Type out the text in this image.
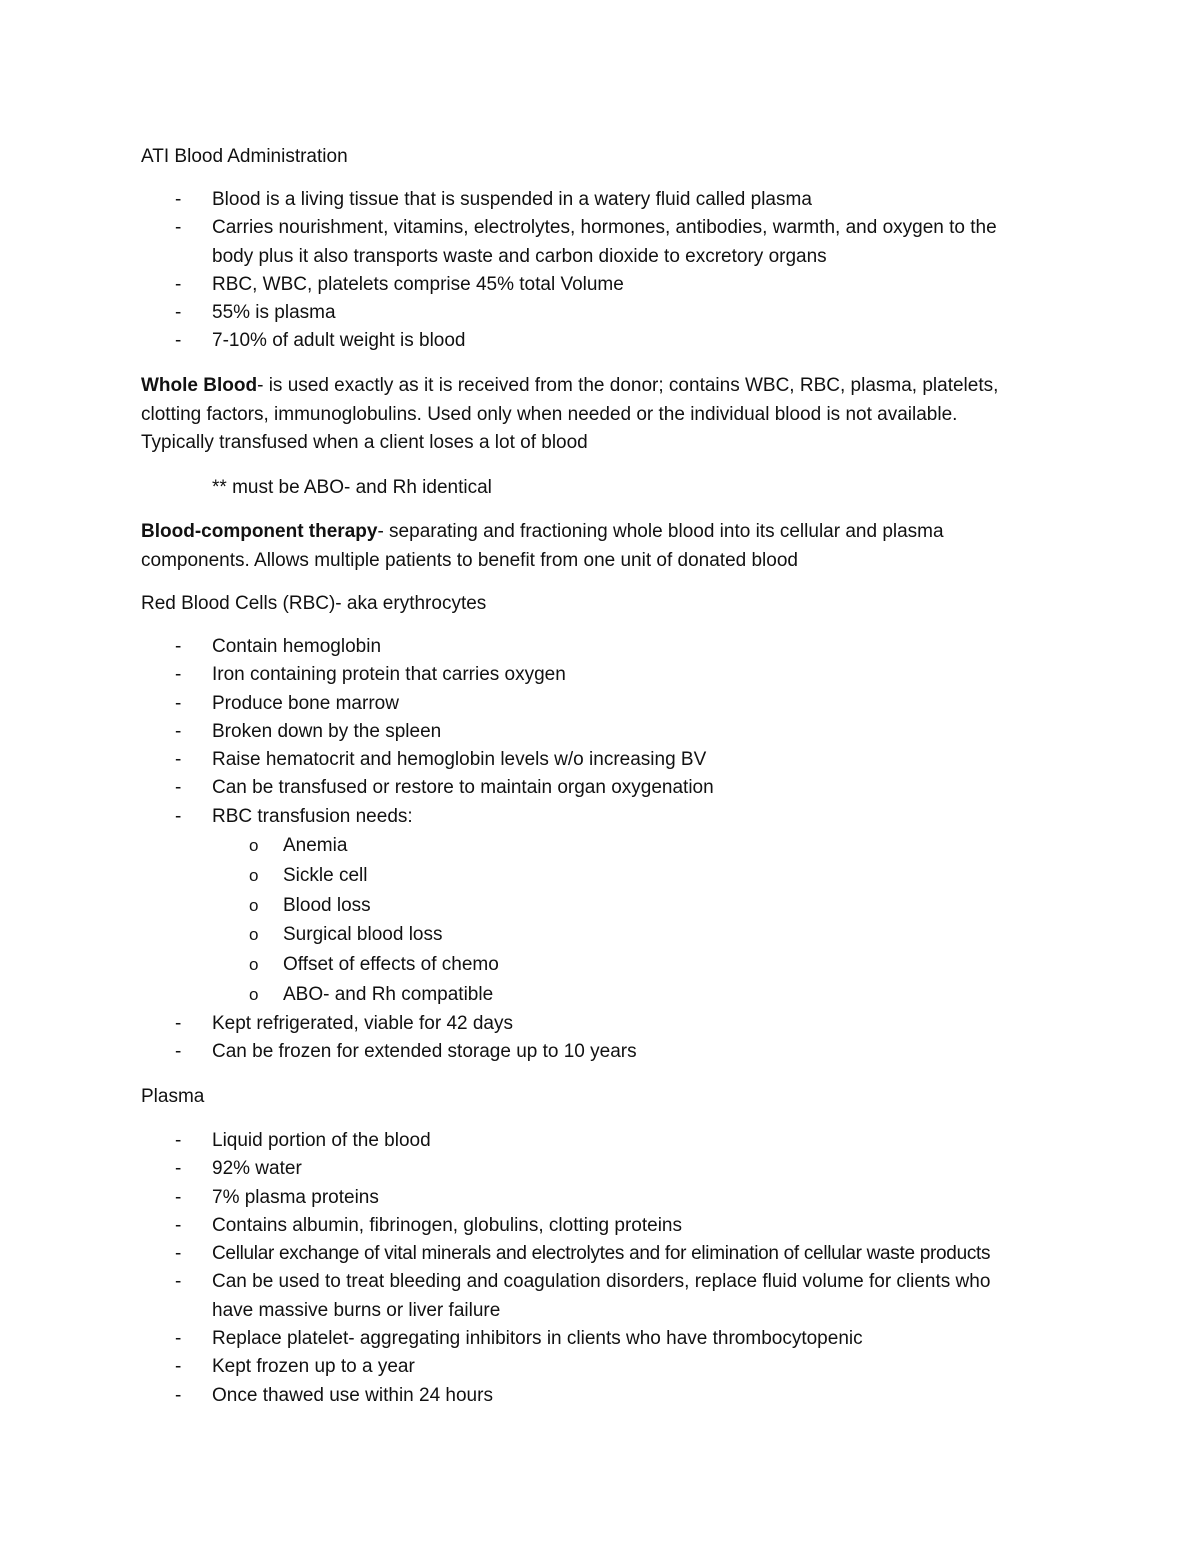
ATI Blood Administration

- Blood is a living tissue that is suspended in a watery fluid called plasma
- Carries nourishment, vitamins, electrolytes, hormones, antibodies, warmth, and oxygen to the body plus it also transports waste and carbon dioxide to excretory organs
- RBC, WBC, platelets comprise 45% total Volume
- 55% is plasma
- 7-10% of adult weight is blood

Whole Blood- is used exactly as it is received from the donor; contains WBC, RBC, plasma, platelets, clotting factors, immunoglobulins. Used only when needed or the individual blood is not available. Typically transfused when a client loses a lot of blood

** must be ABO- and Rh identical

Blood-component therapy- separating and fractioning whole blood into its cellular and plasma components. Allows multiple patients to benefit from one unit of donated blood

Red Blood Cells (RBC)- aka erythrocytes

- Contain hemoglobin
- Iron containing protein that carries oxygen
- Produce bone marrow
- Broken down by the spleen
- Raise hematocrit and hemoglobin levels w/o increasing BV
- Can be transfused or restore to maintain organ oxygenation
- RBC transfusion needs:
o Anemia
o Sickle cell
o Blood loss
o Surgical blood loss
o Offset of effects of chemo
o ABO- and Rh compatible
- Kept refrigerated, viable for 42 days
- Can be frozen for extended storage up to 10 years

Plasma

- Liquid portion of the blood
- 92% water
- 7% plasma proteins
- Contains albumin, fibrinogen, globulins, clotting proteins
- Cellular exchange of vital minerals and electrolytes and for elimination of cellular waste products
- Can be used to treat bleeding and coagulation disorders, replace fluid volume for clients who have massive burns or liver failure
- Replace platelet- aggregating inhibitors in clients who have thrombocytopenic
- Kept frozen up to a year
- Once thawed use within 24 hours
